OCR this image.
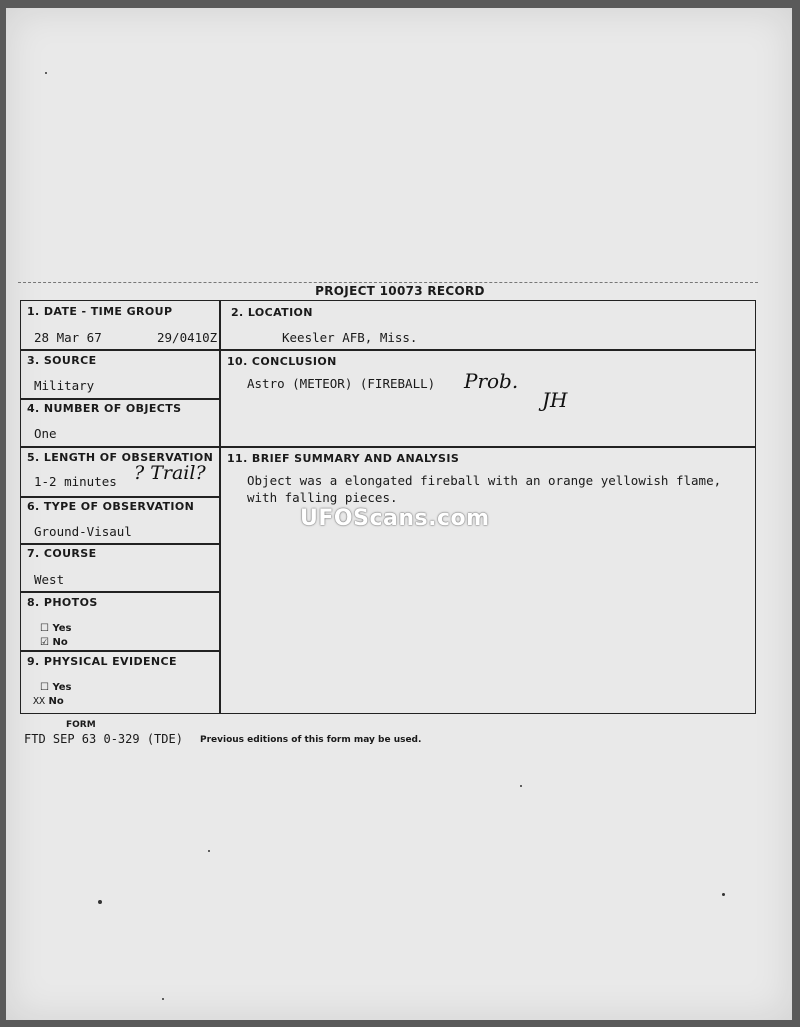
PROJECT 10073 RECORD
1. DATE - TIME GROUP
28 Mar 67	29/0410Z
2. LOCATION
Keesler AFB, Miss.
3. SOURCE
Military
10. CONCLUSION
Astro (METEOR) (FIREBALL) Prob.
JH
4. NUMBER OF OBJECTS
One
5. LENGTH OF OBSERVATION
1-2 minutes ? Trail?
11. BRIEF SUMMARY AND ANALYSIS
Object was a elongated fireball with an orange yellowish flame,
with falling pieces.
6. TYPE OF OBSERVATION
Ground-Visaul
7. COURSE
West
8. PHOTOS
☐ Yes
☑ No
9. PHYSICAL EVIDENCE
☐ Yes
XX No
UFOScans.com
FORM
FTD SEP 63 0-329 (TDE) Previous editions of this form may be used.
